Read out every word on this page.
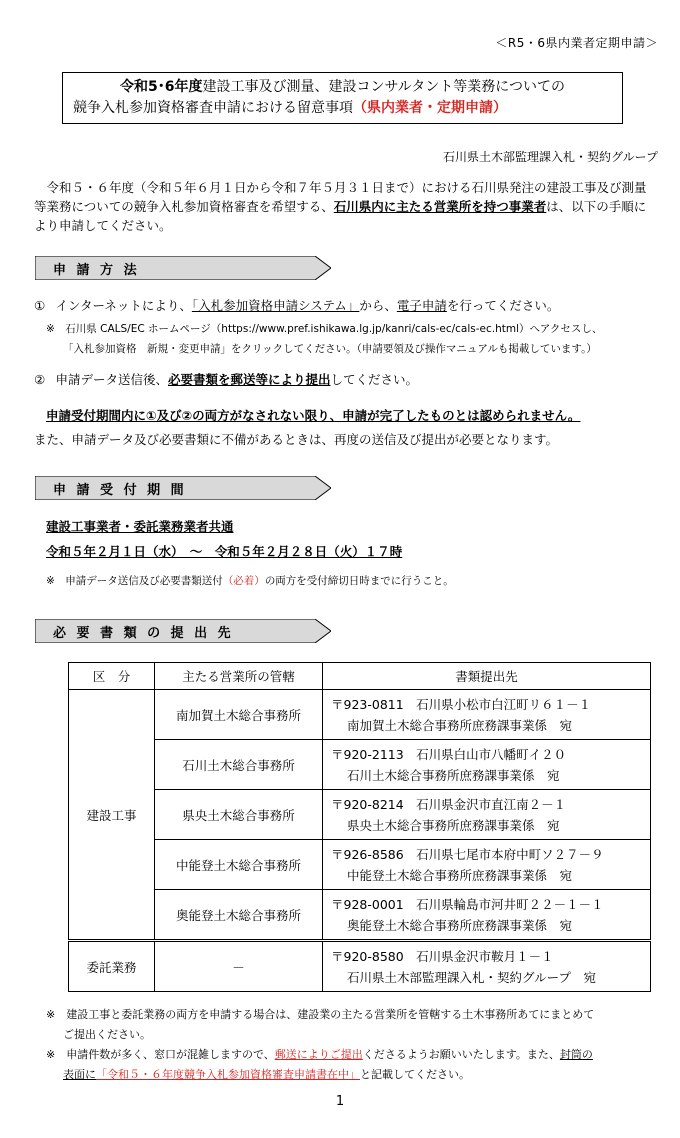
＜R5・6県内業者定期申請＞
令和5･6年度建設工事及び測量、建設コンサルタント等業務についての
競争入札参加資格審査申請における留意事項（県内業者・定期申請）
石川県土木部監理課入札・契約グループ
 令和５・６年度（令和５年６月１日から令和７年５月３１日まで）における石川県発注の建設工事及び測量等業務についての競争入札参加資格審査を希望する、石川県内に主たる営業所を持つ事業者は、以下の手順により申請してください。
申 請 方 法
①  インターネットにより、「入札参加資格申請システム」から、電子申請を行ってください。
※　石川県 CALS/EC ホームページ（https://www.pref.ishikawa.lg.jp/kanri/cals-ec/cals-ec.html）へアクセスし、
「入札参加資格　新規・変更申請」をクリックしてください。（申請要領及び操作マニュアルも掲載しています。）
②  申請データ送信後、必要書類を郵送等により提出してください。
申請受付期間内に①及び②の両方がなされない限り、申請が完了したものとは認められません。
また、申請データ及び必要書類に不備があるときは、再度の送信及び提出が必要となります。
申 請 受 付 期 間
建設工事業者・委託業務業者共通
令和５年２月１日（水）　～　令和５年２月２８日（火）１７時
※　申請データ送信及び必要書類送付（必着）の両方を受付締切日時までに行うこと。
必 要 書 類 の 提 出 先
区　分	主たる営業所の管轄	書類提出先
建設工事	南加賀土木総合事務所	〒923-0811　石川県小松市白江町リ６１－１
南加賀土木総合事務所庶務課事業係　宛

	石川土木総合事務所	〒920-2113　石川県白山市八幡町イ２０
石川土木総合事務所庶務課事業係　宛

	県央土木総合事務所	〒920-8214　石川県金沢市直江南２－１
県央土木総合事務所庶務課事業係　宛

	中能登土木総合事務所	〒926-8586　石川県七尾市本府中町ソ２７－９
中能登土木総合事務所庶務課事業係　宛

	奥能登土木総合事務所	〒928-0001　石川県輪島市河井町２２－１－１
奥能登土木総合事務所庶務課事業係　宛

委託業務	－	〒920-8580　石川県金沢市鞍月１－１
石川県土木部監理課入札・契約グループ　宛
※　建設工事と委託業務の両方を申請する場合は、建設業の主たる営業所を管轄する土木事務所あてにまとめて
ご提出ください。
※　申請件数が多く、窓口が混雑しますので、郵送によりご提出くださるようお願いいたします。また、封筒の
表面に「令和５・６年度競争入札参加資格審査申請書在中」と記載してください。
1
